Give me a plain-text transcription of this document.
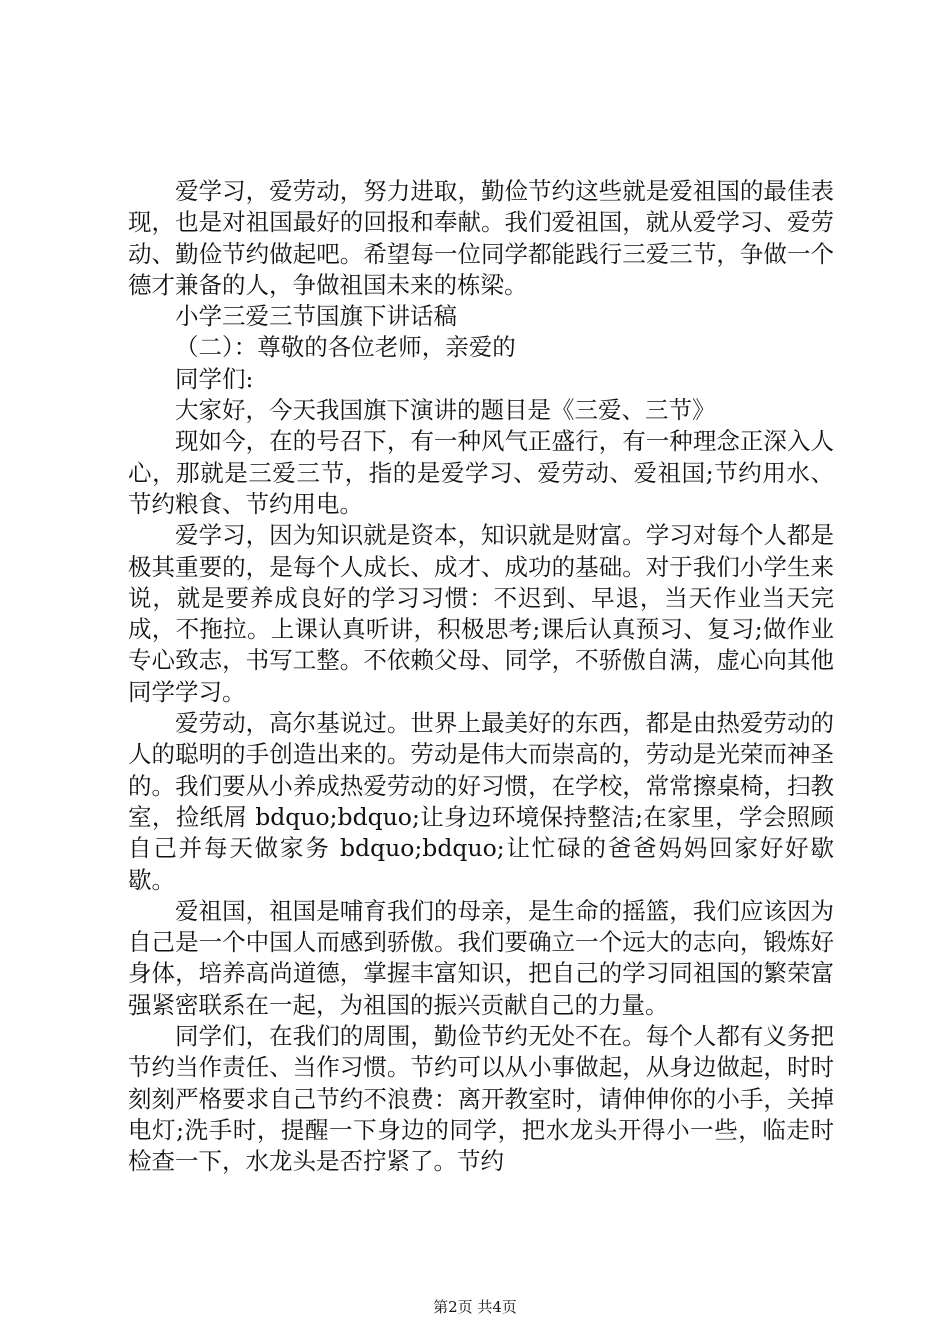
爱学习，爱劳动，努力进取，勤俭节约这些就是爱祖国的最佳表现，也是对祖国最好的回报和奉献。我们爱祖国，就从爱学习、爱劳动、勤俭节约做起吧。希望每一位同学都能践行三爱三节，争做一个德才兼备的人，争做祖国未来的栋梁。

小学三爱三节国旗下讲话稿

（二）：尊敬的各位老师，亲爱的

同学们:

大家好，今天我国旗下演讲的题目是《三爱、三节》

现如今，在的号召下，有一种风气正盛行，有一种理念正深入人心，那就是三爱三节，指的是爱学习、爱劳动、爱祖国;节约用水、节约粮食、节约用电。

爱学习，因为知识就是资本，知识就是财富。学习对每个人都是极其重要的，是每个人成长、成才、成功的基础。对于我们小学生来说，就是要养成良好的学习习惯：不迟到、早退，当天作业当天完成，不拖拉。上课认真听讲，积极思考;课后认真预习、复习;做作业专心致志，书写工整。不依赖父母、同学，不骄傲自满，虚心向其他同学学习。

爱劳动，高尔基说过。世界上最美好的东西，都是由热爱劳动的人的聪明的手创造出来的。劳动是伟大而崇高的，劳动是光荣而神圣的。我们要从小养成热爱劳动的好习惯，在学校，常常擦桌椅，扫教室，捡纸屑 bdquo;bdquo;让身边环境保持整洁;在家里，学会照顾自己并每天做家务 bdquo;bdquo;让忙碌的爸爸妈妈回家好好歇歇。

爱祖国，祖国是哺育我们的母亲，是生命的摇篮，我们应该因为自己是一个中国人而感到骄傲。我们要确立一个远大的志向，锻炼好身体，培养高尚道德，掌握丰富知识，把自己的学习同祖国的繁荣富强紧密联系在一起，为祖国的振兴贡献自己的力量。

同学们，在我们的周围，勤俭节约无处不在。每个人都有义务把节约当作责任、当作习惯。节约可以从小事做起，从身边做起，时时刻刻严格要求自己节约不浪费：离开教室时，请伸伸你的小手，关掉电灯;洗手时，提醒一下身边的同学，把水龙头开得小一些，临走时检查一下，水龙头是否拧紧了。节约

第2页 共4页
